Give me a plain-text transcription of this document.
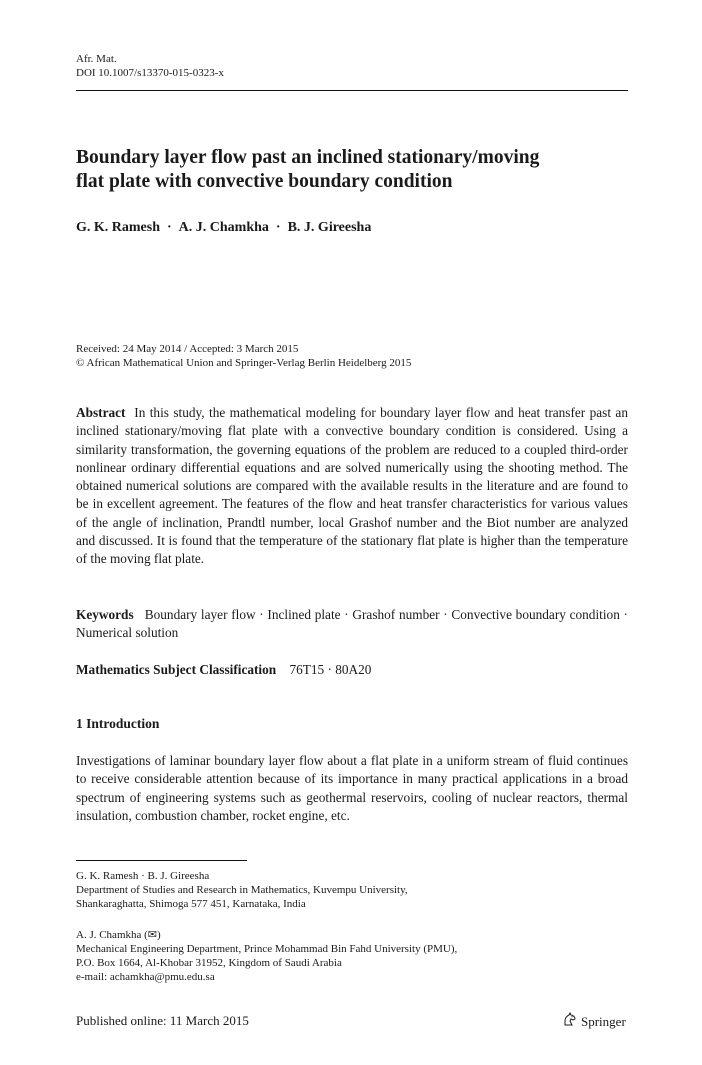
Afr. Mat.
DOI 10.1007/s13370-015-0323-x
Boundary layer flow past an inclined stationary/moving
flat plate with convective boundary condition
G. K. Ramesh · A. J. Chamkha · B. J. Gireesha
Received: 24 May 2014 / Accepted: 3 March 2015
© African Mathematical Union and Springer-Verlag Berlin Heidelberg 2015
Abstract In this study, the mathematical modeling for boundary layer flow and heat transfer past an inclined stationary/moving flat plate with a convective boundary condition is considered. Using a similarity transformation, the governing equations of the problem are reduced to a coupled third-order nonlinear ordinary differential equations and are solved numerically using the shooting method. The obtained numerical solutions are compared with the available results in the literature and are found to be in excellent agreement. The features of the flow and heat transfer characteristics for various values of the angle of inclination, Prandtl number, local Grashof number and the Biot number are analyzed and discussed. It is found that the temperature of the stationary flat plate is higher than the temperature of the moving flat plate.
Keywords Boundary layer flow · Inclined plate · Grashof number · Convective boundary condition · Numerical solution
Mathematics Subject Classification 76T15 · 80A20
1 Introduction
Investigations of laminar boundary layer flow about a flat plate in a uniform stream of fluid continues to receive considerable attention because of its importance in many practical applications in a broad spectrum of engineering systems such as geothermal reservoirs, cooling of nuclear reactors, thermal insulation, combustion chamber, rocket engine, etc.
G. K. Ramesh · B. J. Gireesha
Department of Studies and Research in Mathematics, Kuvempu University,
Shankaraghatta, Shimoga 577 451, Karnataka, India
A. J. Chamkha (✉)
Mechanical Engineering Department, Prince Mohammad Bin Fahd University (PMU),
P.O. Box 1664, Al-Khobar 31952, Kingdom of Saudi Arabia
e-mail: achamkha@pmu.edu.sa
Published online: 11 March 2015	Springer
